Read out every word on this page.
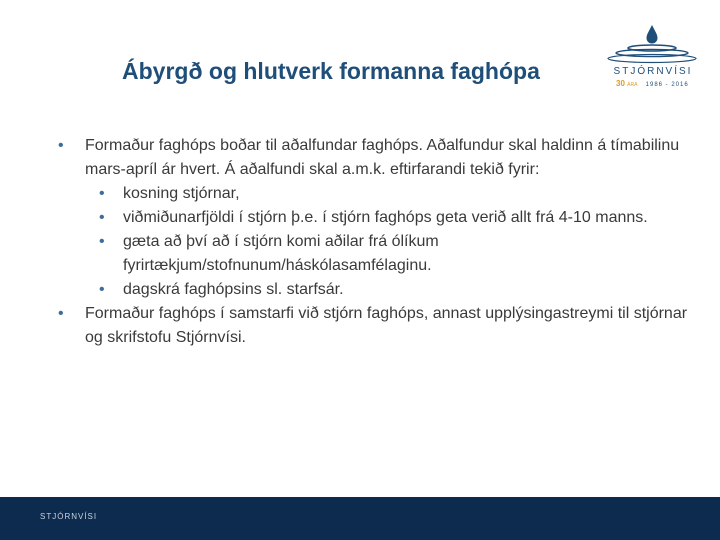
Ábyrgð og hlutverk formanna faghópa	STJÓRNVÍSI
30 ÁRA 1986 - 2016
• Formaður faghóps boðar til aðalfundar faghóps. Aðalfundur skal haldinn á tímabilinu mars-apríl ár hvert. Á aðalfundi skal a.m.k. eftirfarandi tekið fyrir:
• kosning stjórnar,
• viðmiðunarfjöldi í stjórn þ.e. í stjórn faghóps geta verið allt frá 4-10 manns.
• gæta að því að í stjórn komi aðilar frá ólíkum fyrirtækjum/stofnunum/háskólasamfélaginu.
• dagskrá faghópsins sl. starfsár.
• Formaður faghóps í samstarfi við stjórn faghóps, annast upplýsingastreymi til stjórnar og skrifstofu Stjórnvísi.
STJÓRNVÍSI
